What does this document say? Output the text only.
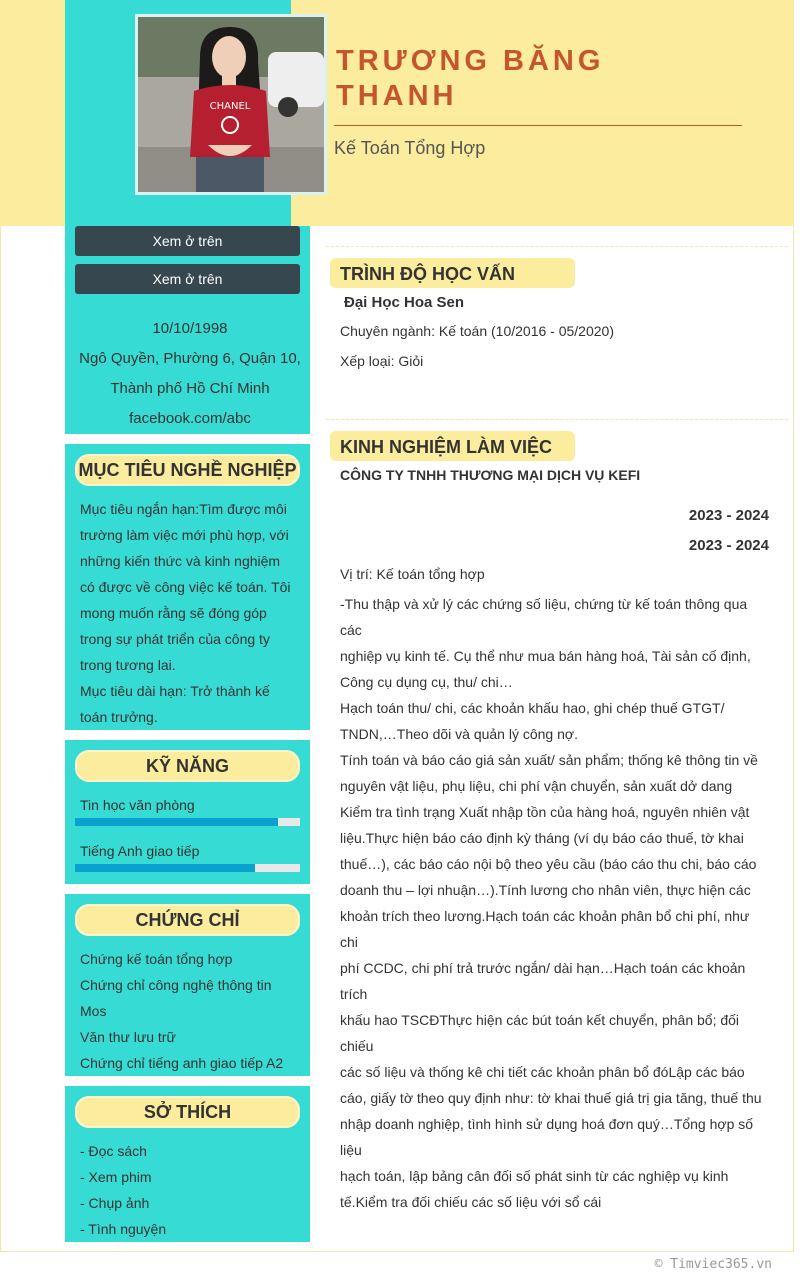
CHANEL
TRƯƠNG BĂNG
THANH
Kế Toán Tổng Hợp
Xem ở trên
Xem ở trên
10/10/1998
Ngô Quyền, Phường 6, Quận 10,
Thành phố Hồ Chí Minh
facebook.com/abc
MỤC TIÊU NGHỀ NGHIỆP
Mục tiêu ngắn hạn:Tìm được môi
trường làm việc mới phù hợp, với
những kiến thức và kinh nghiệm
có được về công việc kế toán. Tôi
mong muốn rằng sẽ đóng góp
trong sự phát triển của công ty
trong tương lai.
Mục tiêu dài hạn: Trở thành kế
toán trưởng.
KỸ NĂNG
Tin học văn phòng
Tiếng Anh giao tiếp
CHỨNG CHỈ
Chứng kế toán tổng hợp
Chứng chỉ công nghệ thông tin
Mos
Văn thư lưu trữ
Chứng chỉ tiếng anh giao tiếp A2
SỞ THÍCH
- Đọc sách
- Xem phim
- Chụp ảnh
- Tình nguyện
TRÌNH ĐỘ HỌC VẤN
Đại Học Hoa Sen
Chuyên ngành: Kế toán (10/2016 - 05/2020)
Xếp loại: Giỏi
KINH NGHIỆM LÀM VIỆC
CÔNG TY TNHH THƯƠNG MẠI DỊCH VỤ KEFI
2023 - 2024
2023 - 2024
Vị trí: Kế toán tổng hợp
-Thu thập và xử lý các chứng số liệu, chứng từ kế toán thông qua các
nghiệp vụ kinh tế. Cụ thể như mua bán hàng hoá, Tài sản cố định,
Công cụ dụng cụ, thu/ chi…
Hạch toán thu/ chi, các khoản khấu hao, ghi chép thuế GTGT/
TNDN,…Theo dõi và quản lý công nợ.
Tính toán và báo cáo giá sản xuất/ sản phẩm; thống kê thông tin về
nguyên vật liệu, phụ liệu, chi phí vận chuyển, sản xuất dở dang
Kiểm tra tình trạng Xuất nhập tồn của hàng hoá, nguyên nhiên vật
liệu.Thực hiện báo cáo định kỳ tháng (ví dụ báo cáo thuế, tờ khai
thuế…), các báo cáo nội bộ theo yêu cầu (báo cáo thu chi, báo cáo
doanh thu – lợi nhuận…).Tính lương cho nhân viên, thực hiện các
khoản trích theo lương.Hạch toán các khoản phân bổ chi phí, như chi
phí CCDC, chi phí trả trước ngắn/ dài hạn…Hạch toán các khoản trích
khấu hao TSCĐThực hiện các bút toán kết chuyển, phân bổ; đối chiếu
các số liệu và thống kê chi tiết các khoản phân bổ đóLập các báo
cáo, giấy tờ theo quy định như: tờ khai thuế giá trị gia tăng, thuế thu
nhập doanh nghiệp, tình hình sử dụng hoá đơn quý…Tổng hợp số liệu
hạch toán, lập bảng cân đối số phát sinh từ các nghiệp vụ kinh
tế.Kiểm tra đối chiếu các số liệu với sổ cái
© Timviec365.vn
